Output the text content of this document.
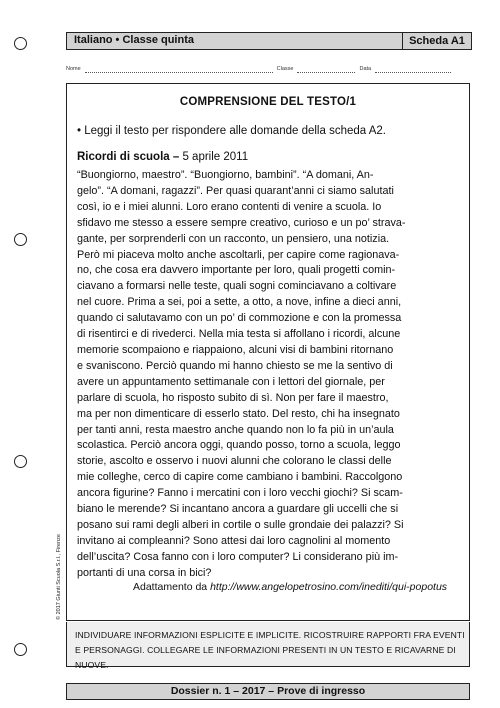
Italiano • Classe quinta	Scheda A1
Nome	Classe	Data
COMPRENSIONE DEL TESTO/1
• Leggi il testo per rispondere alle domande della scheda A2.
Ricordi di scuola – 5 aprile 2011
“Buongiorno, maestro”. “Buongiorno, bambini”. “A domani, An-
gelo”. “A domani, ragazzi”. Per quasi quarant’anni ci siamo salutati
così, io e i miei alunni. Loro erano contenti di venire a scuola. Io
sfidavo me stesso a essere sempre creativo, curioso e un po’ strava-
gante, per sorprenderli con un racconto, un pensiero, una notizia.
Però mi piaceva molto anche ascoltarli, per capire come ragionava-
no, che cosa era davvero importante per loro, quali progetti comin-
ciavano a formarsi nelle teste, quali sogni cominciavano a coltivare
nel cuore. Prima a sei, poi a sette, a otto, a nove, infine a dieci anni,
quando ci salutavamo con un po’ di commozione e con la promessa
di risentirci e di rivederci. Nella mia testa si affollano i ricordi, alcune
memorie scompaiono e riappaiono, alcuni visi di bambini ritornano
e svaniscono. Perciò quando mi hanno chiesto se me la sentivo di
avere un appuntamento settimanale con i lettori del giornale, per
parlare di scuola, ho risposto subito di sì. Non per fare il maestro,
ma per non dimenticare di esserlo stato. Del resto, chi ha insegnato
per tanti anni, resta maestro anche quando non lo fa più in un’aula
scolastica. Perciò ancora oggi, quando posso, torno a scuola, leggo
storie, ascolto e osservo i nuovi alunni che colorano le classi delle
mie colleghe, cerco di capire come cambiano i bambini. Raccolgono
ancora figurine? Fanno i mercatini con i loro vecchi giochi? Si scam-
biano le merende? Si incantano ancora a guardare gli uccelli che si
posano sui rami degli alberi in cortile o sulle grondaie dei palazzi? Si
invitano ai compleanni? Sono attesi dai loro cagnolini al momento
dell’uscita? Cosa fanno con i loro computer? Li considerano più im-
portanti di una corsa in bici?
Adattamento da http://www.angelopetrosino.com/inediti/qui-popotus
INDIVIDUARE INFORMAZIONI ESPLICITE E IMPLICITE. RICOSTRUIRE RAPPORTI FRA EVENTI E PERSONAGGI. COLLEGARE LE INFORMAZIONI PRESENTI IN UN TESTO E RICAVARNE DI NUOVE.
Dossier n. 1 – 2017 – Prove di ingresso
© 2017 Giunti Scuola S.r.l., Firenze
